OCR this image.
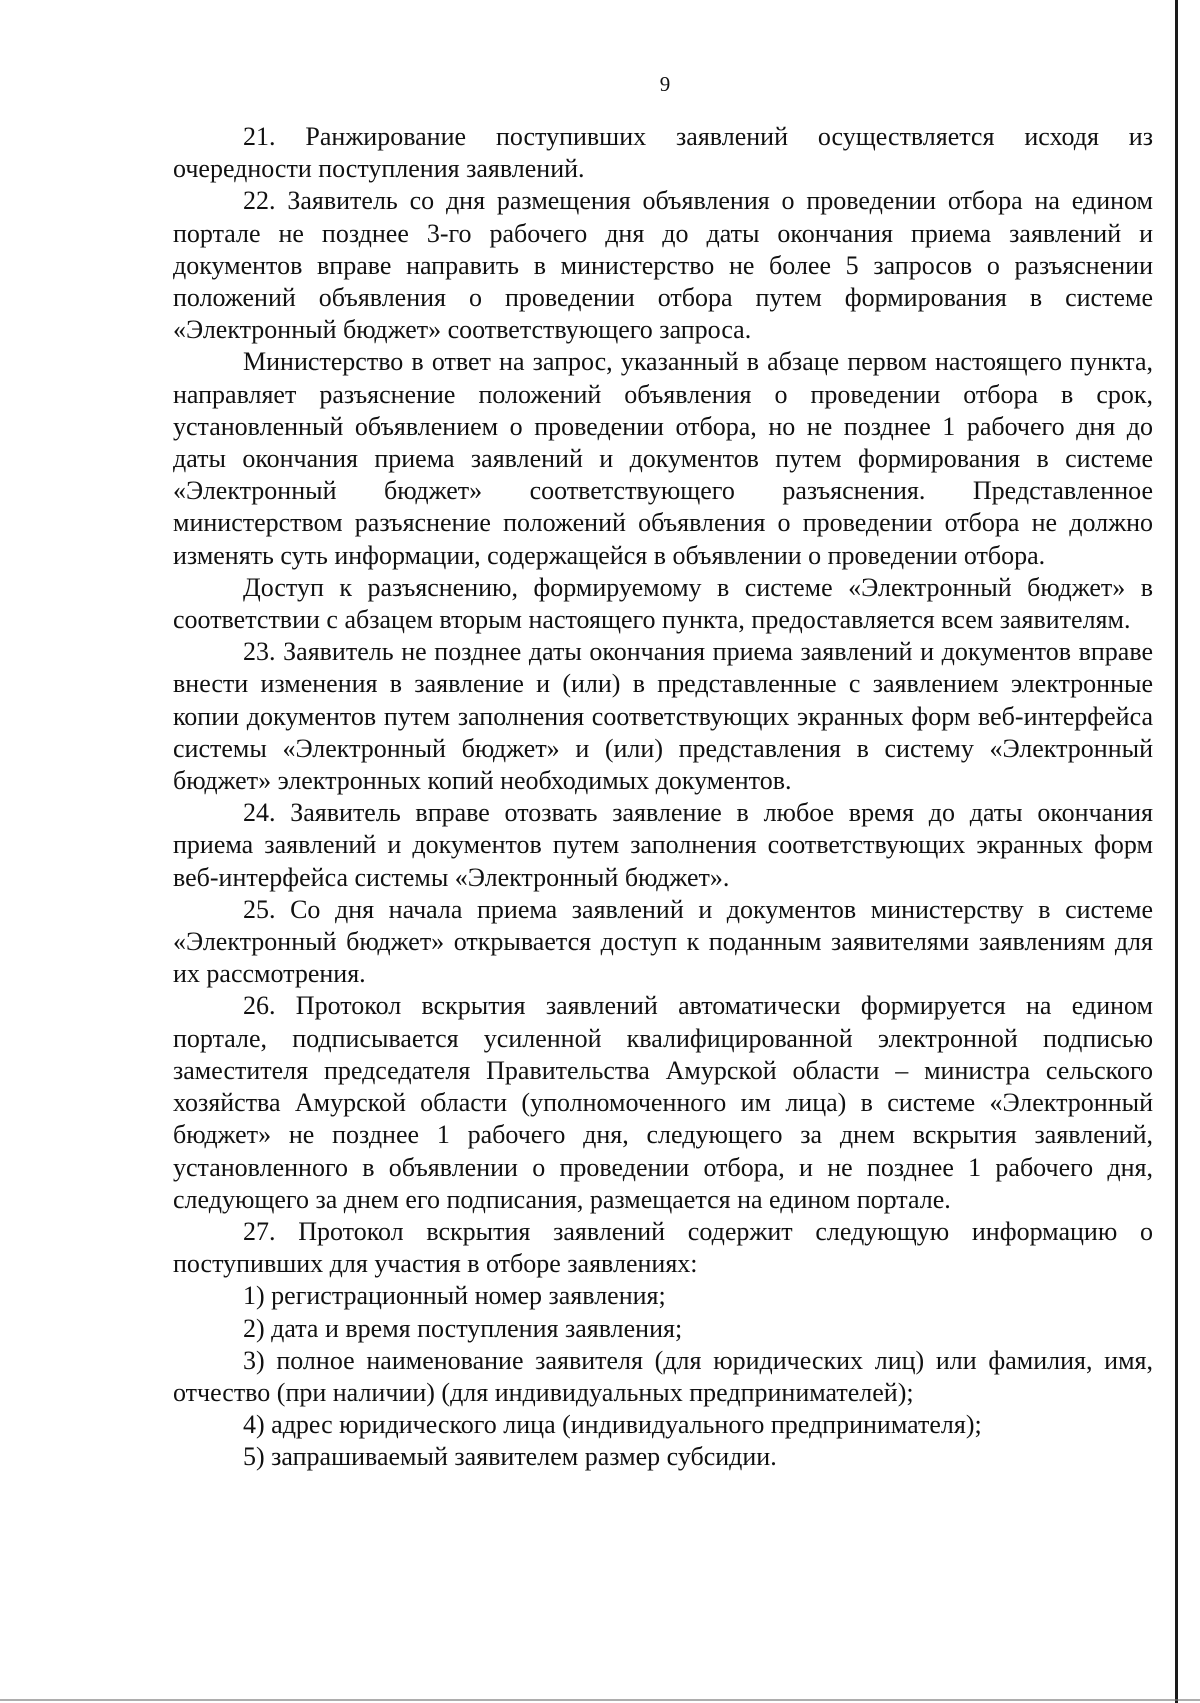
9

21. Ранжирование поступивших заявлений осуществляется исходя из очередности поступления заявлений.

22. Заявитель со дня размещения объявления о проведении отбора на едином портале не позднее 3-го рабочего дня до даты окончания приема заявлений и документов вправе направить в министерство не более 5 запросов о разъяснении положений объявления о проведении отбора путем формирования в системе «Электронный бюджет» соответствующего запроса.

Министерство в ответ на запрос, указанный в абзаце первом настоящего пункта, направляет разъяснение положений объявления о проведении отбора в срок, установленный объявлением о проведении отбора, но не позднее 1 рабочего дня до даты окончания приема заявлений и документов путем формирования в системе «Электронный бюджет» соответствующего разъяснения. Представленное министерством разъяснение положений объявления о проведении отбора не должно изменять суть информации, содержащейся в объявлении о проведении отбора.

Доступ к разъяснению, формируемому в системе «Электронный бюджет» в соответствии с абзацем вторым настоящего пункта, предоставляется всем заявителям.

23. Заявитель не позднее даты окончания приема заявлений и документов вправе внести изменения в заявление и (или) в представленные с заявлением электронные копии документов путем заполнения соответствующих экранных форм веб-интерфейса системы «Электронный бюджет» и (или) представления в систему «Электронный бюджет» электронных копий необходимых документов.

24. Заявитель вправе отозвать заявление в любое время до даты окончания приема заявлений и документов путем заполнения соответствующих экранных форм веб-интерфейса системы «Электронный бюджет».

25. Со дня начала приема заявлений и документов министерству в системе «Электронный бюджет» открывается доступ к поданным заявителями заявлениям для их рассмотрения.

26. Протокол вскрытия заявлений автоматически формируется на едином портале, подписывается усиленной квалифицированной электронной подписью заместителя председателя Правительства Амурской области – министра сельского хозяйства Амурской области (уполномоченного им лица) в системе «Электронный бюджет» не позднее 1 рабочего дня, следующего за днем вскрытия заявлений, установленного в объявлении о проведении отбора, и не позднее 1 рабочего дня, следующего за днем его подписания, размещается на едином портале.

27. Протокол вскрытия заявлений содержит следующую информацию о поступивших для участия в отборе заявлениях:

1) регистрационный номер заявления;

2) дата и время поступления заявления;

3) полное наименование заявителя (для юридических лиц) или фамилия, имя, отчество (при наличии) (для индивидуальных предпринимателей);

4) адрес юридического лица (индивидуального предпринимателя);

5) запрашиваемый заявителем размер субсидии.
